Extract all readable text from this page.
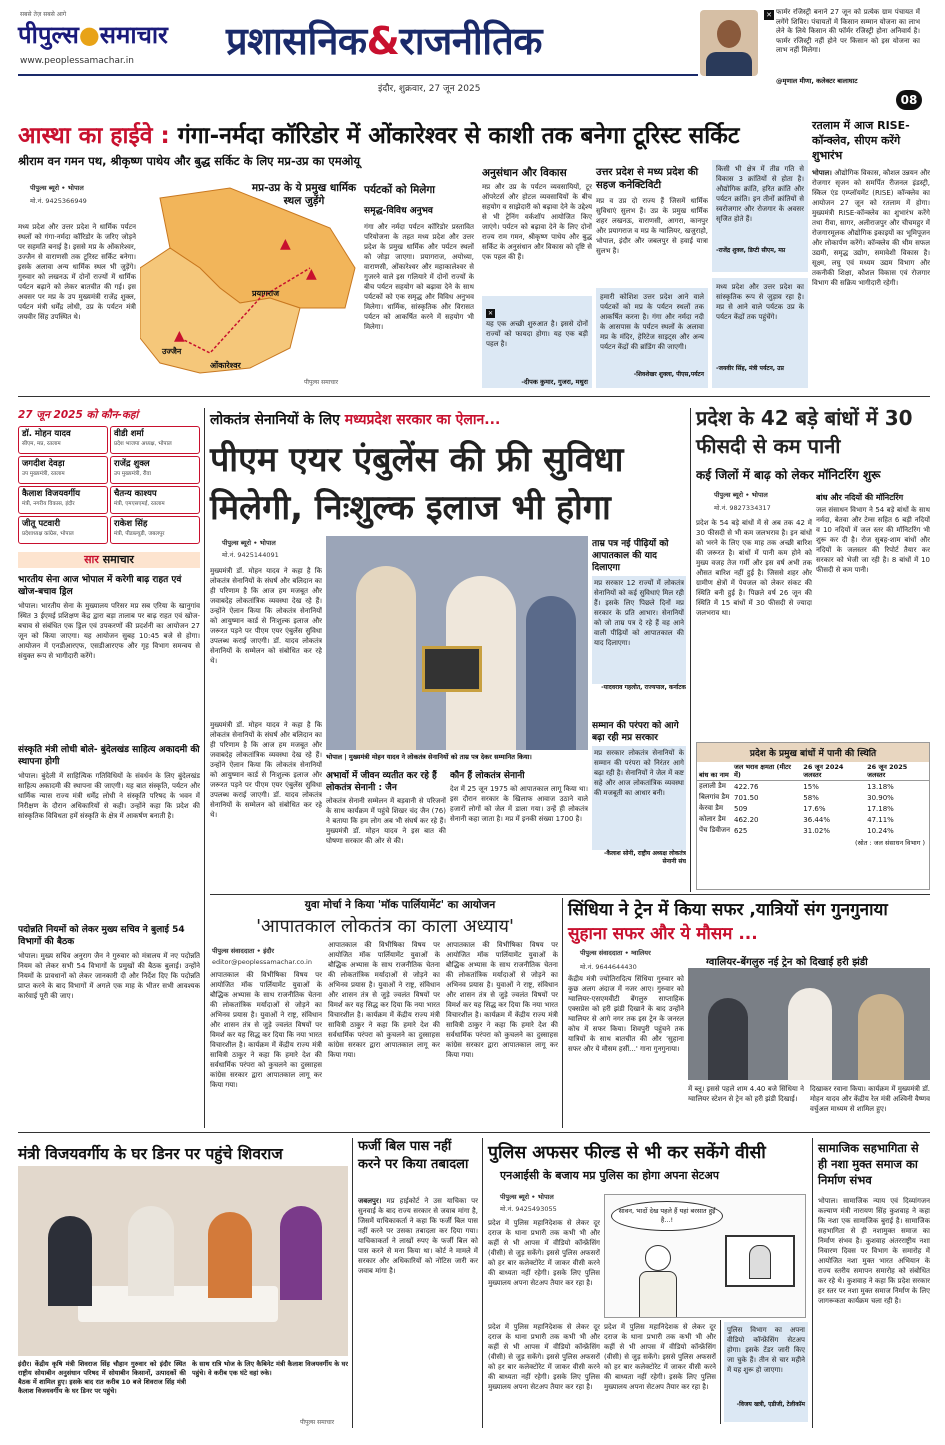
सबसे तेज़ सबसे आगे
पीपुल्स●समाचार
www.peoplessamachar.in प्रशासनिक&राजनीतिक
इंदौर, शुक्रवार, 27 जून 2025
✕ फार्मर रजिस्ट्री बनाने 27 जून को प्रत्येक ग्राम पंचायत में लगेंगे शिविर। पंचायतों में किसान सम्मान योजना का लाभ लेने के लिये किसान की फॉर्मर रजिस्ट्री होना अनिवार्य है। फार्मर रजिस्ट्री नहीं होने पर किसान को इस योजना का लाभ नहीं मिलेगा।
@मृणाल मीणा, कलेक्टर बालाघाट
08
आस्था का हाईवे : गंगा-नर्मदा कॉरिडोर में ओंकारेश्वर से काशी तक बनेगा टूरिस्ट सर्किट
श्रीराम वन गमन पथ, श्रीकृष्ण पाथेय और बुद्ध सर्किट के लिए मप्र-उप्र का एमओयू
पीपुल्स ब्यूरो • भोपाल
मो.नं. 9425366949
मध्य प्रदेश और उत्तर प्रदेश ने धार्मिक पर्यटन स्थलों को गंगा-नर्मदा कॉरिडोर के जरिए जोड़ने पर सहमति बनाई है। इससे मप्र के ओंकारेश्वर, उज्जैन से वाराणसी तक टूरिस्ट सर्किट बनेगा। इसके अलावा अन्य धार्मिक स्थल भी जुड़ेंगे। गुरुवार को लखनऊ में दोनों राज्यों में धार्मिक पर्यटन बढ़ाने को लेकर बातचीत की गई। इस अवसर पर मप्र के उप मुख्यमंत्री राजेंद्र शुक्ल, पर्यटन मंत्री धर्मेंद्र लोधी, उप्र के पर्यटन मंत्री जयवीर सिंह उपस्थित थे।
मप्र-उप्र के ये प्रमुख धार्मिक स्थल जुड़ेंगे
▲
▲
▲
प्रयागराज
उज्जैन
ओंकारेश्वर
पीपुल्स समाचार
पर्यटकों को मिलेगा
समृद्ध-विविध अनुभव
गंगा और नर्मदा पर्यटन कॉरिडोर प्रस्तावित परियोजना के तहत मध्य प्रदेश और उत्तर प्रदेश के प्रमुख धार्मिक और पर्यटन स्थलों को जोड़ा जाएगा। प्रयागराज, अयोध्या, वाराणसी, ओंकारेश्वर और महाकालेश्वर से गुजरने वाले इस गलियारे में दोनों राज्यों के बीच पर्यटन सहयोग को बढ़ावा देने के साथ पर्यटकों को एक समृद्ध और विविध अनुभव मिलेगा। धार्मिक, सांस्कृतिक और विरासत पर्यटन को आकर्षित करने में सहयोग भी मिलेगा।
अनुसंधान और विकास
मप्र और उप्र के पर्यटन व्यवसायियों, टूर ऑपरेटर्स और होटल व्यवसायियों के बीच सहयोग व साझेदारी को बढ़ावा देने के उद्देश्य से भी ट्रेनिंग वर्कशॉप आयोजित किए जाएंगे। पर्यटन को बढ़ावा देने के लिए दोनों राज्य राम गमन, श्रीकृष्ण पाथेय और बुद्ध सर्किट के अनुसंधान और विकास को दृष्टि से एक पहल की हैं।
✕
यह एक अच्छी शुरुआत है। इससे दोनों राज्यों को फायदा होगा। यह एक बड़ी पहल है।
-दीपक कुमार, गुजरा, मथुरा
उत्तर प्रदेश से मध्य प्रदेश की सहज कनेक्टिविटी
मप्र व उप्र दो राज्य हैं जिसमें धार्मिक सुविधाएं सुलभ हैं। उप्र के प्रमुख धार्मिक शहर लखनऊ, वाराणसी, आगरा, कानपुर और प्रयागराज व मप्र के ग्वालियर, खजुराहो, भोपाल, इंदौर और जबलपुर से हवाई यात्रा सुलभ है।
हमारी कोशिश उत्तर प्रदेश आने वाले पर्यटकों को मप्र के पर्यटन स्थलों तक आकर्षित करना है। गंगा और नर्मदा नदी के आसपास के पर्यटन स्थलों के अलावा मप्र के मंदिर, हेरिटेज साइट्स और अन्य पर्यटन केंद्रों की ब्रांडिंग की जाएगी।
-शिवशेखर शुक्ला, पीएस,पर्यटन
किसी भी क्षेत्र में तीव्र गति से विकास 3 क्रांतियों से होता है। औद्योगिक क्रांति, हरित क्रांति और पर्यटन क्रांति। इन तीनों क्रांतियों से स्वरोजगार और रोजगार के अवसर सृजित होते हैं।
-राजेंद्र शुक्ल, डिप्टी सीएम, मप्र
मध्य प्रदेश और उत्तर प्रदेश का सांस्कृतिक रूप से जुड़ाव रहा है। मप्र से आने वाले पर्यटक उप्र के पर्यटन केंद्रों तक पहुंचेंगे।
-जयवीर सिंह, मंत्री पर्यटन, उप्र
रतलाम में आज RISE-कॉन्क्लेव, सीएम करेंगे शुभारंभ
भोपाल। औद्योगिक विकास, कौशल उन्नयन और रोजगार सृजन को समर्पित रीजनल इंडस्ट्री, स्किल एंड एम्प्लॉयमेंट (RISE) कॉन्क्लेव का आयोजन 27 जून को रतलाम में होगा। मुख्यमंत्री RISE-कॉन्क्लेव का शुभारंभ करेंगे तथा रीवा, सागर, अलीराजपुर और चीचमहुर में रोजगारमूलक औद्योगिक इकाइयों का भूमिपूजन और लोकार्पण करेंगे। कॉन्क्लेव की थीम सफल उद्यमी, समृद्ध उद्योग, समावेशी विकास है। सूक्ष्म, लघु एवं मध्यम उद्यम विभाग और तकनीकी शिक्षा, कौशल विकास एवं रोजगार विभाग की सक्रिय भागीदारी रहेगी।
27 जून 2025 को कौन-कहां
डॉ. मोहन यादव
सीएम, मप्र, रतलाम
वीडी शर्मा
प्रदेश भाजपा अध्यक्ष, भोपाल
जगदीश देवड़ा
उप मुख्यमंत्री, रतलाम
राजेंद्र शुक्ल
उप मुख्यमंत्री, रीवा
कैलाश विजयवर्गीय
मंत्री, नगरीय विकास, इंदौर
चैतन्य काश्यप
मंत्री, एमएसएमई, रतलाम
जीतू पटवारी
प्रदेशाध्यक्ष कांग्रेस, भोपाल
राकेश सिंह
मंत्री, पीडब्ल्यूडी, जबलपुर
सार समाचार
भारतीय सेना आज भोपाल में करेगी बाढ़ राहत एवं खोज-बचाव ड्रिल
भोपाल। भारतीय सेना के मुख्यालय परिसर मप्र सब एरिया के खानुगांव स्थित 3 ईएमई प्रशिक्षण केंद्र द्वारा बड़ा तालाब पर बाढ़ राहत एवं खोज-बचाव से संबंधित एक ड्रिल एवं उपकरणों की प्रदर्शनी का आयोजन 27 जून को किया जाएगा। यह आयोजन सुबह 10:45 बजे से होगा। आयोजन में एनडीआरएफ, एसडीआरएफ और गृह विभाग समन्वय से संयुक्त रूप से भागीदारी करेंगे।
संस्कृति मंत्री लोधी बोले- बुंदेलखंड साहित्य अकादमी की स्थापना होगी
भोपाल। बुंदेली में साहित्यिक गतिविधियों के संवर्धन के लिए बुंदेलखंड साहित्य अकादमी की स्थापना की जाएगी। यह बात संस्कृति, पर्यटन और धार्मिक न्यास राज्य मंत्री धर्मेंद्र लोधी ने संस्कृति परिषद के भवन में निरीक्षण के दौरान अधिकारियों से कही। उन्होंने कहा कि प्रदेश की सांस्कृतिक विविधता हमें संस्कृति के क्षेत्र में आकर्षण बनाती है।
पदोन्नति नियमों को लेकर मुख्य सचिव ने बुलाई 54 विभागों की बैठक
भोपाल। मुख्य सचिव अनुराग जैन ने गुरुवार को मंत्रालय में नए पदोन्नति नियम को लेकर सभी 54 विभागों के प्रमुखों की बैठक बुलाई। उन्होंने नियमों के प्रावधानों को लेकर जानकारी दी और निर्देश दिए कि पदोन्नति प्राप्त करने के बाद विभागों में अगले एक माह के भीतर सभी आवश्यक कार्रवाई पूरी की जाए।
लोकतंत्र सेनानियों के लिए मध्यप्रदेश सरकार का ऐलान...
पीएम एयर एंबुलेंस की फ्री सुविधा मिलेगी, निःशुल्क इलाज भी होगा
पीपुल्स ब्यूरो • भोपाल
मो.नं. 9425144091
मुख्यमंत्री डॉ. मोहन यादव ने कहा है कि लोकतंत्र सेनानियों के संघर्ष और बलिदान का ही परिणाम है कि आज हम मजबूत और जवाबदेह लोकतांत्रिक व्यवस्था देख रहे हैं। उन्होंने ऐलान किया कि लोकतंत्र सेनानियों को आयुष्मान कार्ड से निःशुल्क इलाज और जरूरत पड़ने पर पीएम एयर एंबुलेंस सुविधा उपलब्ध कराई जाएगी। डॉ. यादव लोकतंत्र सेनानियों के सम्मेलन को संबोधित कर रहे थे।
भोपाल | मुख्यमंत्री मोहन यादव ने लोकतंत्र सेनानियों को ताम्र पत्र देकर सम्मानित किया।
अभावों में जीवन व्यतीत कर रहे हैं लोकतंत्र सेनानी : जैन
लोकतंत्र सेनानी सम्मेलन में बड़वानी से परिजनों के साथ कार्यक्रम में पहुंचे शिखर चंद जैन (76) ने बताया कि हम लोग अब भी संघर्ष कर रहे हैं। मुख्यमंत्री डॉ. मोहन यादव ने इस बात की घोषणा सरकार की ओर से की।
कौन हैं लोकतंत्र सेनानी
देश में 25 जून 1975 को आपातकाल लागू किया था। इस दौरान सरकार के खिलाफ आवाज उठाने वाले हजारों लोगों को जेल में डाला गया। उन्हें ही लोकतंत्र सेनानी कहा जाता है। मप्र में इनकी संख्या 1700 है।
मुख्यमंत्री डॉ. मोहन यादव ने कहा है कि लोकतंत्र सेनानियों के संघर्ष और बलिदान का ही परिणाम है कि आज हम मजबूत और जवाबदेह लोकतांत्रिक व्यवस्था देख रहे हैं। उन्होंने ऐलान किया कि लोकतंत्र सेनानियों को आयुष्मान कार्ड से निःशुल्क इलाज और जरूरत पड़ने पर पीएम एयर एंबुलेंस सुविधा उपलब्ध कराई जाएगी। डॉ. यादव लोकतंत्र सेनानियों के सम्मेलन को संबोधित कर रहे थे।
ताम्र पत्र नई पीढ़ियों को आपातकाल की याद दिलाएगा
मप्र सरकार 12 राज्यों में लोकतंत्र सेनानियों को कई सुविधाएं मिल रही हैं। इसके लिए पिछले दिनों मप्र सरकार के प्रति आभार। सेनानियों को जो ताम्र पत्र दे रहे हैं वह आने वाली पीढ़ियों को आपातकाल की याद दिलाएगा।
-यादवराव गहलोत, राज्यपाल, कर्नाटक
सम्मान की परंपरा को आगे बढ़ा रही मप्र सरकार
मप्र सरकार लोकतंत्र सेनानियों के सम्मान की परंपरा को निरंतर आगे बढ़ा रही है। सेनानियों ने जेल में कष्ट सहे और आज लोकतांत्रिक व्यवस्था की मजबूती का आधार बनी।
-कैलाश सोनी, राष्ट्रीय अध्यक्ष लोकतंत्र सेनानी संघ
प्रदेश के 42 बड़े बांधों में 30 फीसदी से कम पानी
कई जिलों में बाढ़ को लेकर मॉनिटरिंग शुरू
पीपुल्स ब्यूरो • भोपाल
मो.नं. 9827334317
प्रदेश के 54 बड़े बांधों में से अब तक 42 में 30 फीसदी से भी कम जलभराव है। इन बांधों को भरने के लिए एक माह तक अच्छी बारिश की जरूरत है। बांधों में पानी कम होने को मुख्य वजह तेज गर्मी और इस वर्ष अभी तक औसत बारिश नहीं हुई है। जिससे शहर और ग्रामीण क्षेत्रों में पेयजल को लेकर संकट की स्थिति बनी हुई है। पिछले वर्ष 26 जून की स्थिति में 15 बांधों में 30 फीसदी से ज्यादा जलभराव था।
बांध और नदियों की मॉनिटरिंग
जल संसाधन विभाग ने 54 बड़े बांधों के साथ नर्मदा, बेतवा और टेम्स सहित 6 बड़ी नदियों व 10 नदियों में जल स्तर की मॉनिटरिंग भी शुरू कर दी है। रोज सुबह-शाम बांधों और नदियों के जलस्तर की रिपोर्ट तैयार कर सरकार को भेजी जा रही है। 8 बांधों में 10 फीसदी से कम पानी।
प्रदेश के प्रमुख बांधों में पानी की स्थिति
बांध का नाम	जल भराव क्षमता (मीटर में)	26 जून 2024 जलस्तर	26 जून 2025 जलस्तर
हलाली डैम	422.76	15%	13.18%
बिलगांव डैम	701.50	58%	30.90%
केरवा डैम	509	17.6%	17.18%
कोलार डैम	462.20	36.44%	47.11%
पेंच डिवीजन	625	31.02%	10.24%
(स्रोत : जल संसाधन विभाग )
युवा मोर्चा ने किया 'मॉक पार्लियामेंट' का आयोजन
'आपातकाल लोकतंत्र का काला अध्याय'
पीपुल्स संवाददाता • इंदौर
editor@peoplessamachar.co.in
आपातकाल की विभीषिका विषय पर आयोजित मॉक पार्लियामेंट युवाओं के बौद्धिक अभ्यास के साथ राजनीतिक चेतना की लोकतांत्रिक मर्यादाओं से जोड़ने का अभिनव प्रयास है। युवाओं ने राष्ट्र, संविधान और शासन तंत्र से जुड़े ज्वलंत विषयों पर विमर्श कर यह सिद्ध कर दिया कि नया भारत विचारशील है। कार्यक्रम में केंद्रीय राज्य मंत्री सावित्री ठाकुर ने कहा कि हमारे देश की सर्वधार्मिक परंपरा को कुचलने का दुस्साहस कांग्रेस सरकार द्वारा आपातकाल लागू कर किया गया।
आपातकाल की विभीषिका विषय पर आयोजित मॉक पार्लियामेंट युवाओं के बौद्धिक अभ्यास के साथ राजनीतिक चेतना की लोकतांत्रिक मर्यादाओं से जोड़ने का अभिनव प्रयास है। युवाओं ने राष्ट्र, संविधान और शासन तंत्र से जुड़े ज्वलंत विषयों पर विमर्श कर यह सिद्ध कर दिया कि नया भारत विचारशील है। कार्यक्रम में केंद्रीय राज्य मंत्री सावित्री ठाकुर ने कहा कि हमारे देश की सर्वधार्मिक परंपरा को कुचलने का दुस्साहस कांग्रेस सरकार द्वारा आपातकाल लागू कर किया गया।
आपातकाल की विभीषिका विषय पर आयोजित मॉक पार्लियामेंट युवाओं के बौद्धिक अभ्यास के साथ राजनीतिक चेतना की लोकतांत्रिक मर्यादाओं से जोड़ने का अभिनव प्रयास है। युवाओं ने राष्ट्र, संविधान और शासन तंत्र से जुड़े ज्वलंत विषयों पर विमर्श कर यह सिद्ध कर दिया कि नया भारत विचारशील है। कार्यक्रम में केंद्रीय राज्य मंत्री सावित्री ठाकुर ने कहा कि हमारे देश की सर्वधार्मिक परंपरा को कुचलने का दुस्साहस कांग्रेस सरकार द्वारा आपातकाल लागू कर किया गया।
सिंधिया ने ट्रेन में किया सफर ,यात्रियों संग गुनगुनाया सुहाना सफर और ये मौसम ...
पीपुल्स संवाददाता • ग्वालियर
मो.नं. 9644644430	ग्वालियर-बेंगलुरु नई ट्रेन को दिखाई हरी झंडी
केंद्रीय मंत्री ज्योतिरादित्य सिंधिया गुरुवार को कुछ अलग अंदाज में नजर आए। गुरुवार को ग्वालियर-एसएमवीटी बेंगलुरु साप्ताहिक एक्सप्रेस को हरी झंडी दिखाने के बाद उन्होंने ग्वालियर से आगे नगर तक इस ट्रेन के जनरल कोच में सफर किया। शिवपुरी पहुंचने तक यात्रियों के साथ बातचीत की और 'सुहाना सफर और ये मौसम हसीं...' गाना गुनगुनाया।
में ब्लू। इससे पहले शाम 4.40 बजे सिंधिया ने ग्वालियर स्टेशन से ट्रेन को हरी झंडी दिखाई।
दिखाकर रवाना किया। कार्यक्रम में मुख्यमंत्री डॉ. मोहन यादव और केंद्रीय रेल मंत्री अश्विनी वैष्णव वर्चुअल माध्यम से शामिल हुए।
मंत्री विजयवर्गीय के घर डिनर पर पहुंचे शिवराज
इंदौर। केंद्रीय कृषि मंत्री शिवराज सिंह चौहान गुरुवार को इंदौर स्थित राष्ट्रीय सोयाबीन अनुसंधान परिषद में सोयाबीन किसानों, उत्पादकों की बैठक में शामिल हुए। इसके बाद रात करीब 10 बजे शिवराज सिंह मंत्री कैलाश विजयवर्गीय के घर डिनर पर पहुंचे।
के साथ रात्रि भोज के लिए कैबिनेट मंत्री कैलाश विजयवर्गीय के घर पहुंचे। वे करीब एक घंटे वहां रुके।
पीपुल्स समाचार
फर्जी बिल पास नहीं करने पर किया तबादला
जबलपुर। मप्र हाईकोर्ट ने उस याचिका पर सुनवाई के बाद राज्य सरकार से जवाब मांगा है, जिसमें याचिकाकर्ता ने कहा कि फर्जी बिल पास नहीं करने पर उसका तबादला कर दिया गया। याचिकाकर्ता ने लाखों रुपए के फर्जी बिल को पास करने से मना किया था। कोर्ट ने मामले में सरकार और अधिकारियों को नोटिस जारी कर जवाब मांगा है।
पुलिस अफसर फील्ड से भी कर सकेंगे वीसी
एनआईसी के बजाय मप्र पुलिस का होगा अपना सेटअप
पीपुल्स ब्यूरो • भोपाल
मो.नं. 9425493055
प्रदेश में पुलिस महानिदेशक से लेकर दूर दराज के थाना प्रभारी तक कभी भी और कहीं से भी आपस में वीडियो कॉन्फ्रेंसिंग (वीसी) से जुड़ सकेंगे। इससे पुलिस अफसरों को हर बार कलेक्टोरेट में जाकर वीसी करने की बाध्यता नहीं रहेगी। इसके लिए पुलिस मुख्यालय अपना सेटअप तैयार कर रहा है।
प्रदेश में पुलिस महानिदेशक से लेकर दूर दराज के थाना प्रभारी तक कभी भी और कहीं से भी आपस में वीडियो कॉन्फ्रेंसिंग (वीसी) से जुड़ सकेंगे। इससे पुलिस अफसरों को हर बार कलेक्टोरेट में जाकर वीसी करने की बाध्यता नहीं रहेगी। इसके लिए पुलिस मुख्यालय अपना सेटअप तैयार कर रहा है।
प्रदेश में पुलिस महानिदेशक से लेकर दूर दराज के थाना प्रभारी तक कभी भी और कहीं से भी आपस में वीडियो कॉन्फ्रेंसिंग (वीसी) से जुड़ सकेंगे। इससे पुलिस अफसरों को हर बार कलेक्टोरेट में जाकर वीसी करने की बाध्यता नहीं रहेगी। इसके लिए पुलिस मुख्यालय अपना सेटअप तैयार कर रहा है।
सावन, भादों देख पहले हैं यहां बरसात हुई है...!
पुलिस विभाग का अपना वीडियो कॉन्फ्रेंसिंग सेटअप होगा। इसके टेंडर जारी किए जा चुके हैं। तीन से चार महीने में यह शुरू हो जाएगा।
-विजय खत्री, एडीजी, टेलीकॉम
सामाजिक सहभागिता से ही नशा मुक्त समाज का निर्माण संभव
भोपाल। सामाजिक न्याय एवं दिव्यांगजन कल्याण मंत्री नारायण सिंह कुशवाह ने कहा कि नशा एक सामाजिक बुराई है। सामाजिक सहभागिता से ही नशामुक्त समाज का निर्माण संभव है। कुशवाह अंतरराष्ट्रीय नशा निवारण दिवस पर विभाग के समारोह में आयोजित नशा मुक्त भारत अभियान के राज्य स्तरीय समापन समारोह को संबोधित कर रहे थे। कुशवाह ने कहा कि प्रदेश सरकार हर स्तर पर नशा मुक्त समाज निर्माण के लिए जागरूकता कार्यक्रम चला रही है।
